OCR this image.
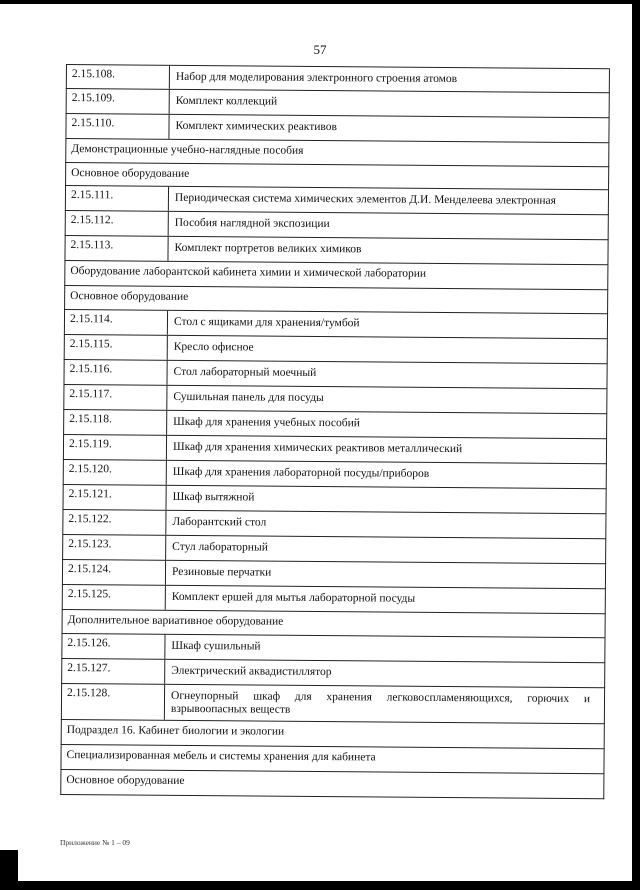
57
2.15.108.	Набор для моделирования электронного строения атомов
2.15.109.	Комплект коллекций
2.15.110.	Комплект химических реактивов
Демонстрационные учебно-наглядные пособия
Основное оборудование
2.15.111.	Периодическая система химических элементов Д.И. Менделеева электронная
2.15.112.	Пособия наглядной экспозиции
2.15.113.	Комплект портретов великих химиков
Оборудование лаборантской кабинета химии и химической лаборатории
Основное оборудование
2.15.114.	Стол с ящиками для хранения/тумбой
2.15.115.	Кресло офисное
2.15.116.	Стол лабораторный моечный
2.15.117.	Сушильная панель для посуды
2.15.118.	Шкаф для хранения учебных пособий
2.15.119.	Шкаф для хранения химических реактивов металлический
2.15.120.	Шкаф для хранения лабораторной посуды/приборов
2.15.121.	Шкаф вытяжной
2.15.122.	Лаборантский стол
2.15.123.	Стул лабораторный
2.15.124.	Резиновые перчатки
2.15.125.	Комплект ершей для мытья лабораторной посуды
Дополнительное вариативное оборудование
2.15.126.	Шкаф сушильный
2.15.127.	Электрический аквадистиллятор
2.15.128.	Огнеупорный шкаф для хранения легковоспламеняющихся, горючих и взрывоопасных веществ
Подраздел 16. Кабинет биологии и экологии
Специализированная мебель и системы хранения для кабинета
Основное оборудование
Приложение № 1 – 09
